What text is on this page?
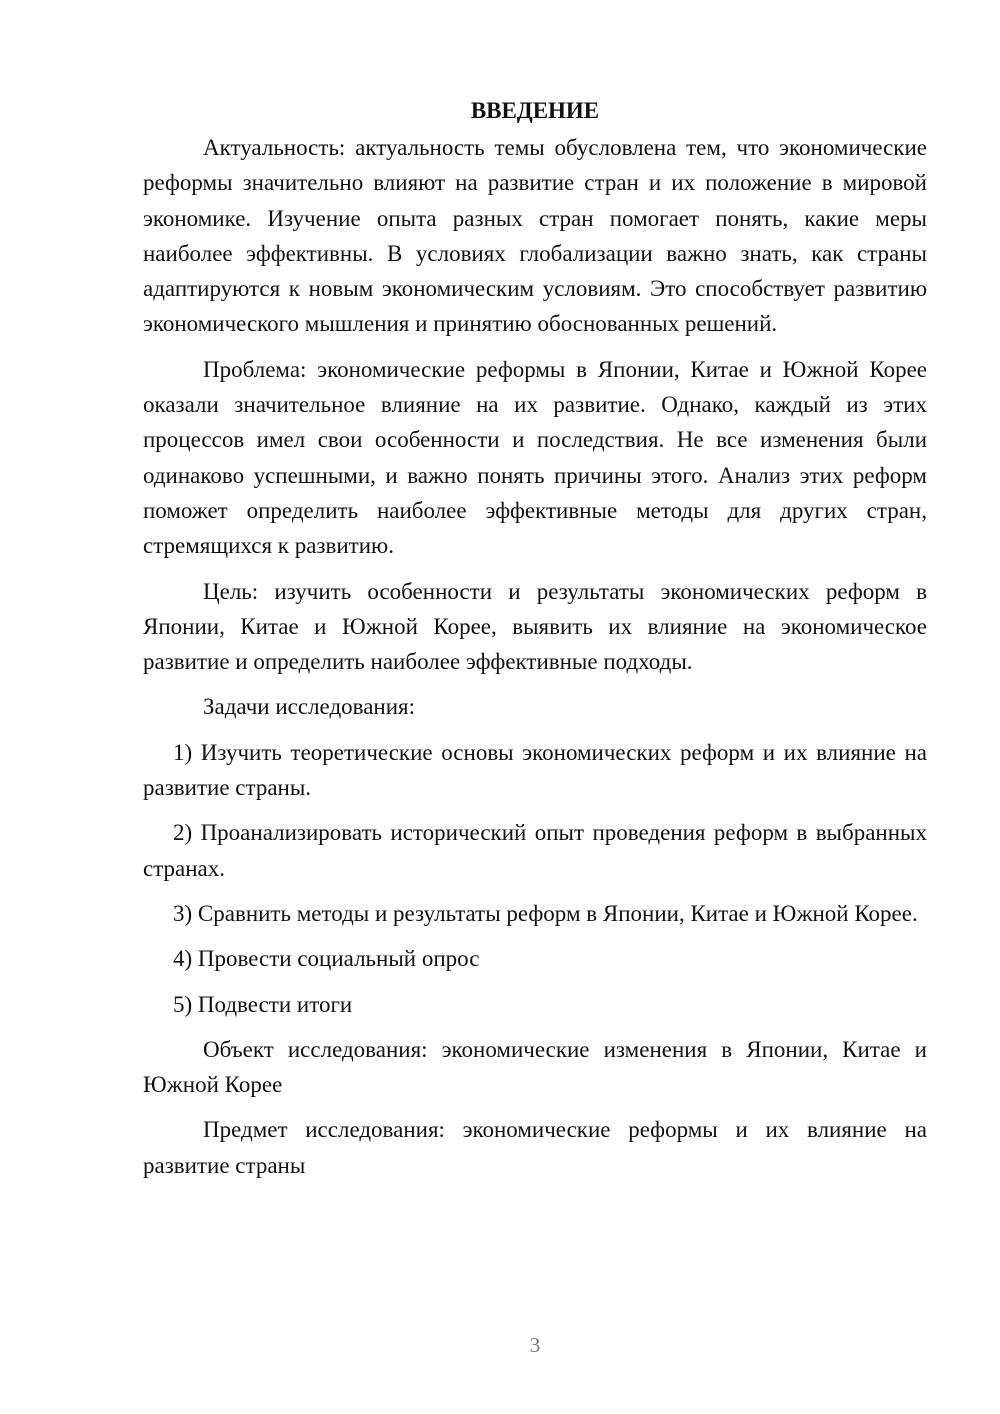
ВВЕДЕНИЕ

Актуальность: актуальность темы обусловлена тем, что экономические реформы значительно влияют на развитие стран и их положение в мировой экономике. Изучение опыта разных стран помогает понять, какие меры наиболее эффективны. В условиях глобализации важно знать, как страны адаптируются к новым экономическим условиям. Это способствует развитию экономического мышления и принятию обоснованных решений.

Проблема: экономические реформы в Японии, Китае и Южной Корее оказали значительное влияние на их развитие. Однако, каждый из этих процессов имел свои особенности и последствия. Не все изменения были одинаково успешными, и важно понять причины этого. Анализ этих реформ поможет определить наиболее эффективные методы для других стран, стремящихся к развитию.

Цель: изучить особенности и результаты экономических реформ в Японии, Китае и Южной Корее, выявить их влияние на экономическое развитие и определить наиболее эффективные подходы.

Задачи исследования:

1) Изучить теоретические основы экономических реформ и их влияние на развитие страны.

2) Проанализировать исторический опыт проведения реформ в выбранных странах.

3) Сравнить методы и результаты реформ в Японии, Китае и Южной Корее.

4) Провести социальный опрос

5) Подвести итоги

Объект исследования: экономические изменения в Японии, Китае и Южной Корее

Предмет исследования: экономические реформы и их влияние на развитие страны

3
